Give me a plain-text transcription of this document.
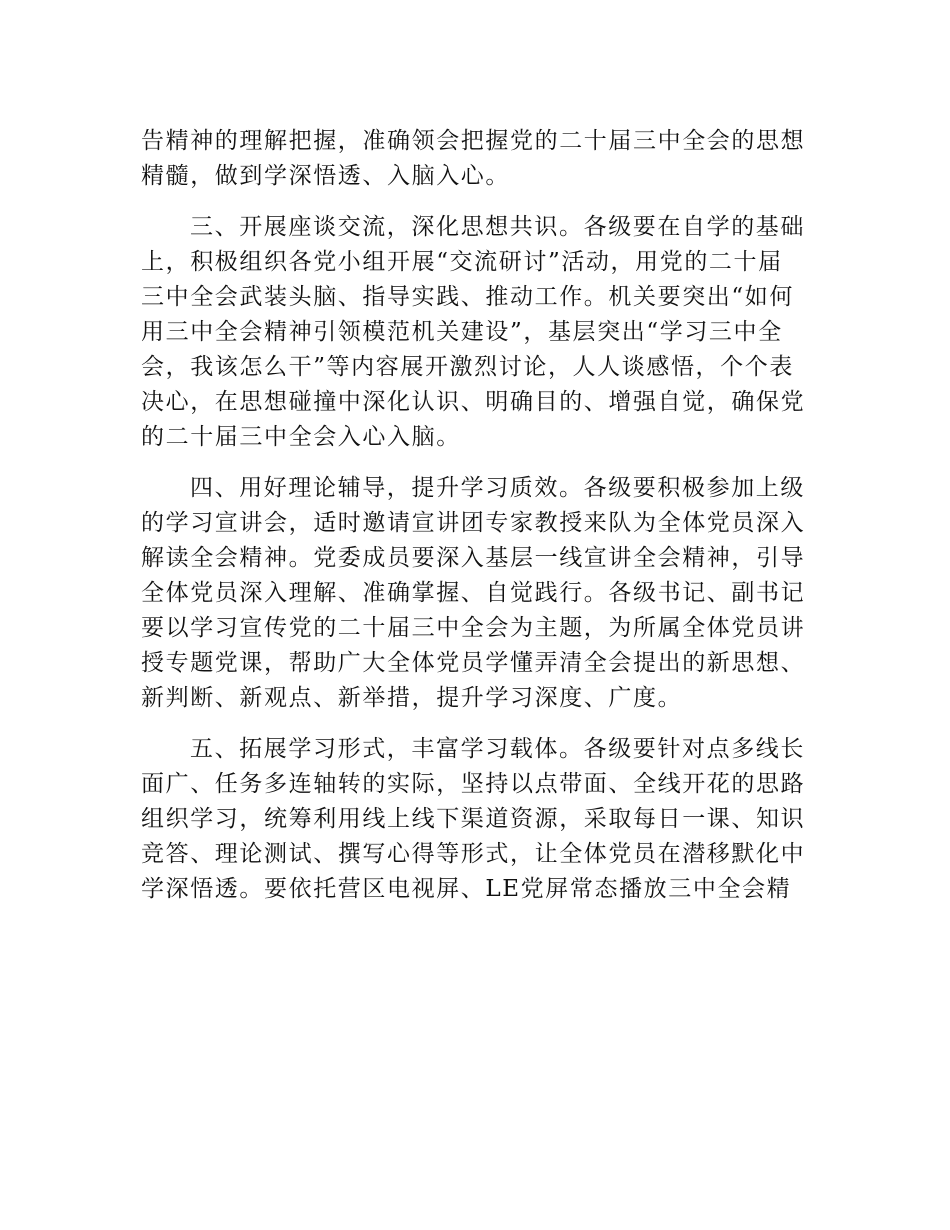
告精神的理解把握，准确领会把握党的二十届三中全会的思想
精髓，做到学深悟透、入脑入心。
三、开展座谈交流，深化思想共识。各级要在自学的基础
上，积极组织各党小组开展“交流研讨”活动，用党的二十届
三中全会武装头脑、指导实践、推动工作。机关要突出“如何
用三中全会精神引领模范机关建设”，基层突出“学习三中全
会，我该怎么干”等内容展开激烈讨论，人人谈感悟，个个表
决心，在思想碰撞中深化认识、明确目的、增强自觉，确保党
的二十届三中全会入心入脑。
四、用好理论辅导，提升学习质效。各级要积极参加上级
的学习宣讲会，适时邀请宣讲团专家教授来队为全体党员深入
解读全会精神。党委成员要深入基层一线宣讲全会精神，引导
全体党员深入理解、准确掌握、自觉践行。各级书记、副书记
要以学习宣传党的二十届三中全会为主题，为所属全体党员讲
授专题党课，帮助广大全体党员学懂弄清全会提出的新思想、
新判断、新观点、新举措，提升学习深度、广度。
五、拓展学习形式，丰富学习载体。各级要针对点多线长
面广、任务多连轴转的实际，坚持以点带面、全线开花的思路
组织学习，统筹利用线上线下渠道资源，采取每日一课、知识
竞答、理论测试、撰写心得等形式，让全体党员在潜移默化中
学深悟透。要依托营区电视屏、LE党屏常态播放三中全会精
